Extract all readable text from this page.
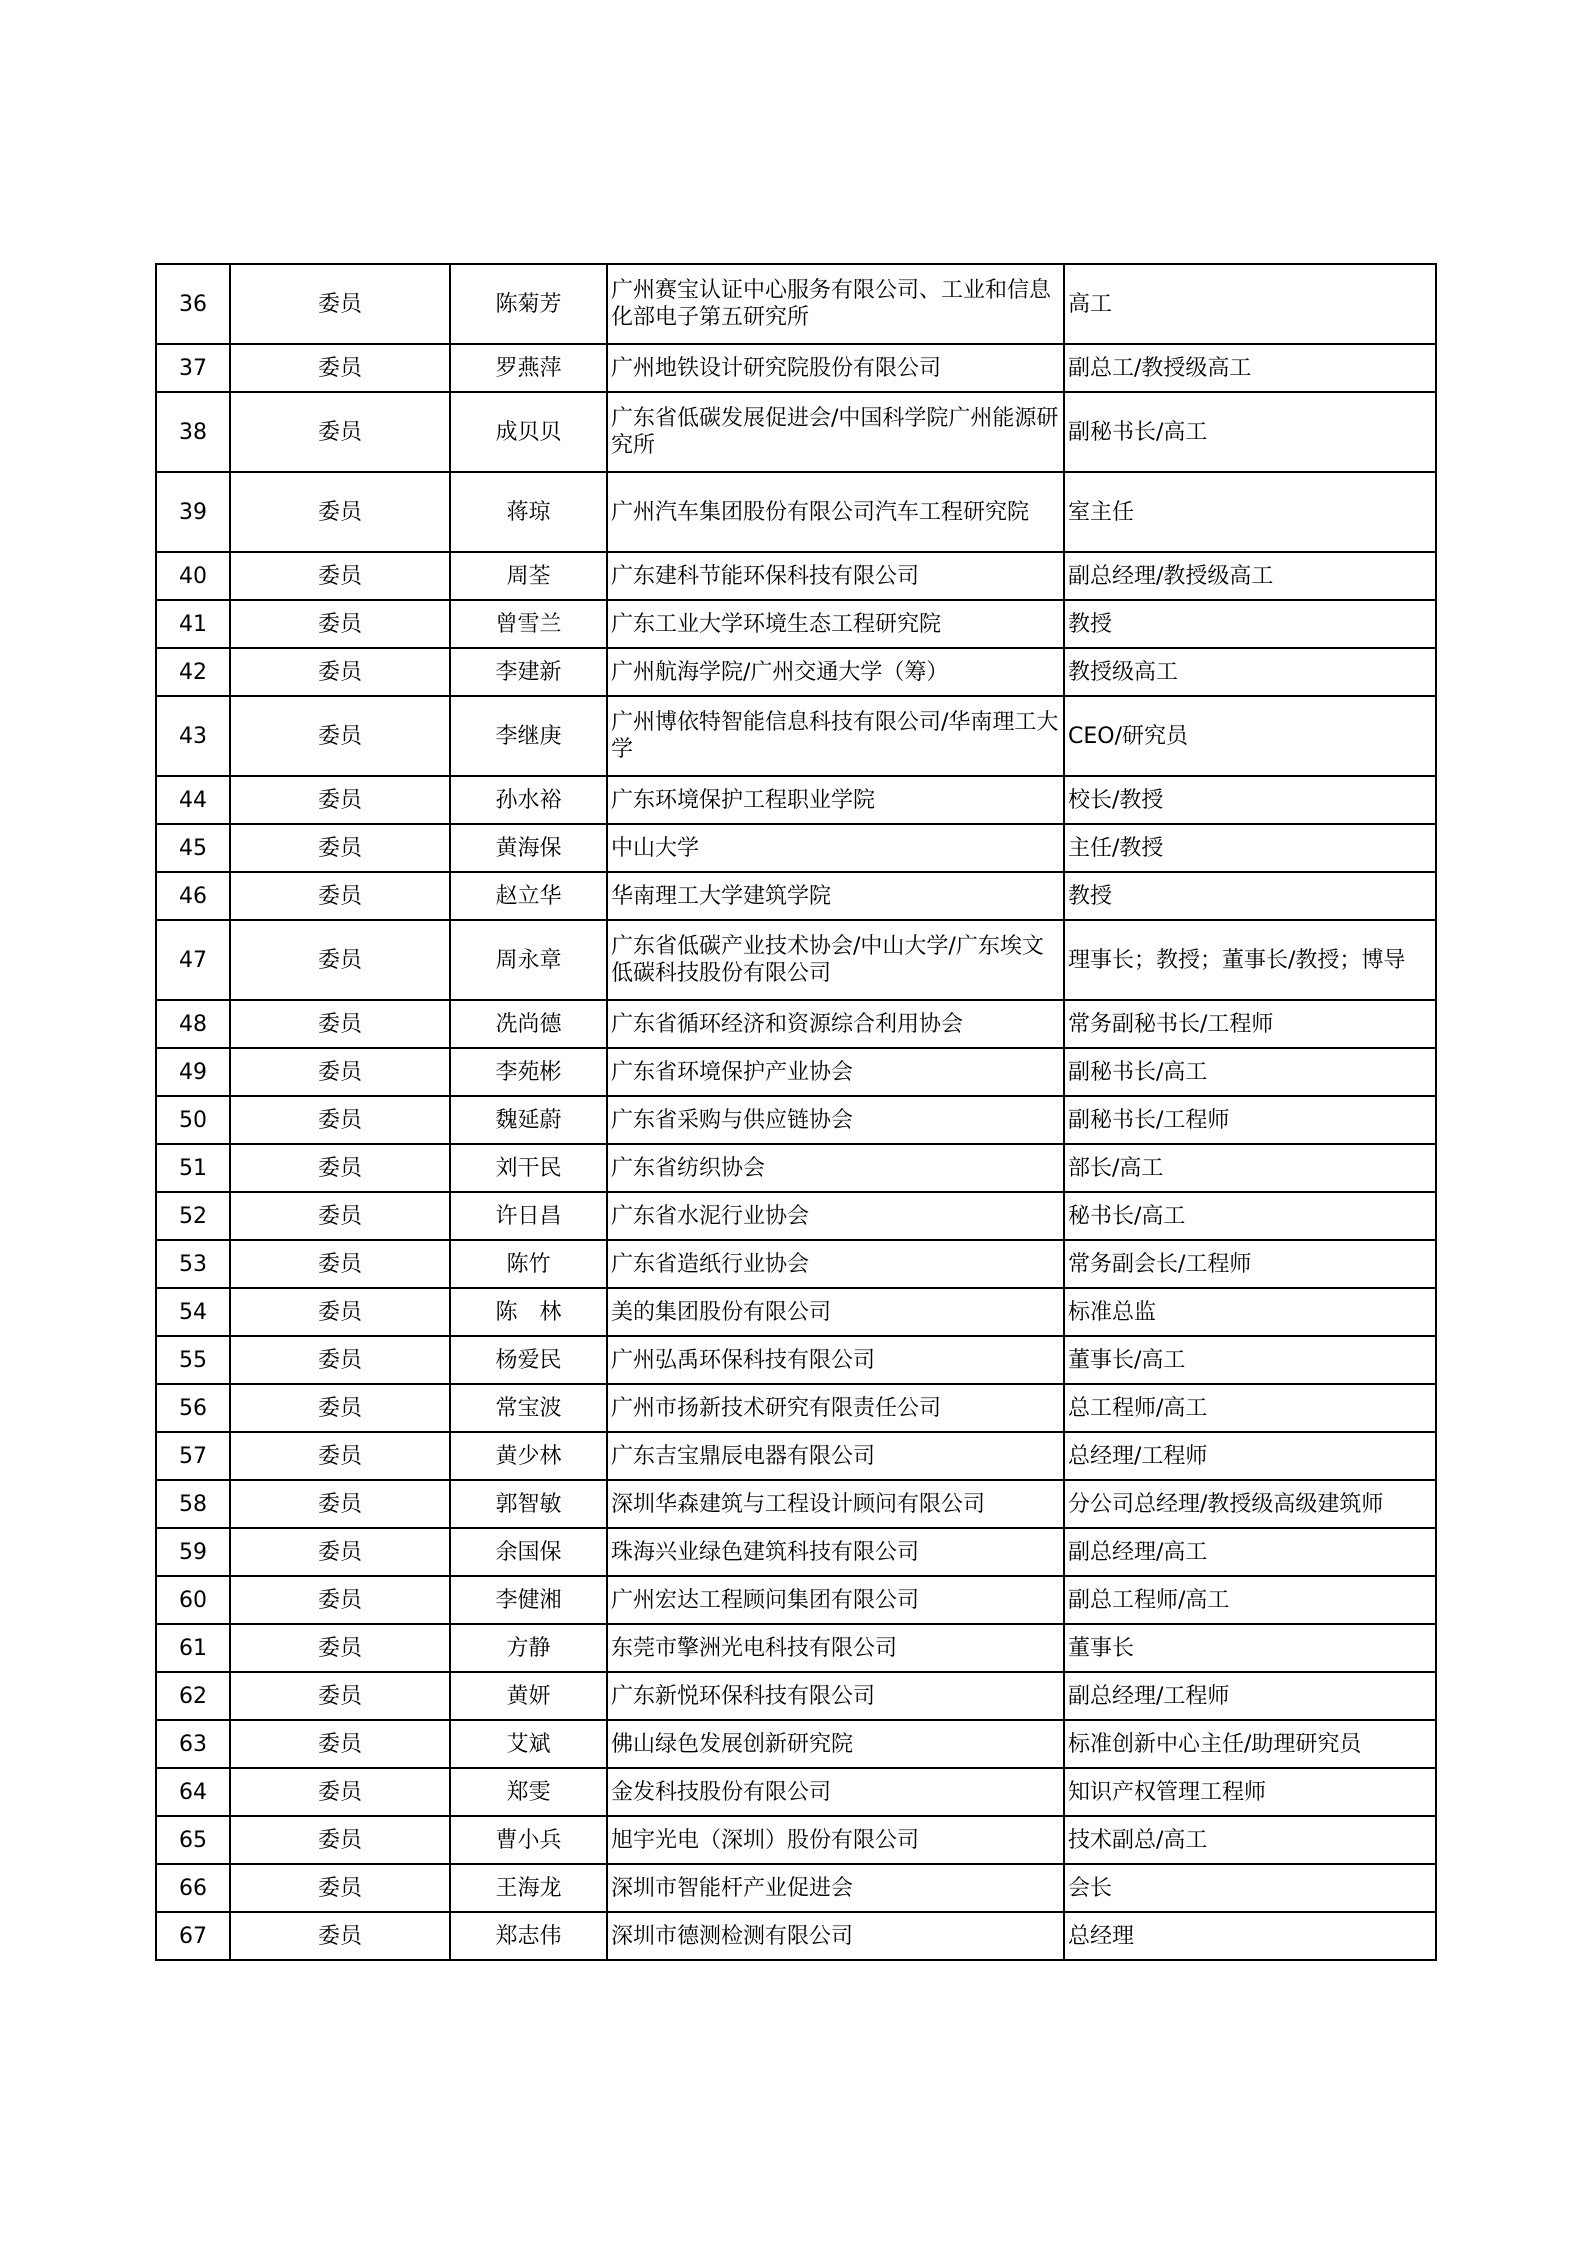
36	委员	陈菊芳	广州赛宝认证中心服务有限公司、工业和信息化部电子第五研究所	高工
37	委员	罗燕萍	广州地铁设计研究院股份有限公司	副总工/教授级高工
38	委员	成贝贝	广东省低碳发展促进会/中国科学院广州能源研究所	副秘书长/高工
39	委员	蒋琼	广州汽车集团股份有限公司汽车工程研究院	室主任
40	委员	周荃	广东建科节能环保科技有限公司	副总经理/教授级高工
41	委员	曾雪兰	广东工业大学环境生态工程研究院	教授
42	委员	李建新	广州航海学院/广州交通大学（筹）	教授级高工
43	委员	李继庚	广州博依特智能信息科技有限公司/华南理工大学	CEO/研究员
44	委员	孙水裕	广东环境保护工程职业学院	校长/教授
45	委员	黄海保	中山大学	主任/教授
46	委员	赵立华	华南理工大学建筑学院	教授
47	委员	周永章	广东省低碳产业技术协会/中山大学/广东埃文低碳科技股份有限公司	理事长；教授；董事长/教授；博导
48	委员	冼尚德	广东省循环经济和资源综合利用协会	常务副秘书长/工程师
49	委员	李苑彬	广东省环境保护产业协会	副秘书长/高工
50	委员	魏延蔚	广东省采购与供应链协会	副秘书长/工程师
51	委员	刘干民	广东省纺织协会	部长/高工
52	委员	许日昌	广东省水泥行业协会	秘书长/高工
53	委员	陈竹	广东省造纸行业协会	常务副会长/工程师
54	委员	陈　林	美的集团股份有限公司	标准总监
55	委员	杨爱民	广州弘禹环保科技有限公司	董事长/高工
56	委员	常宝波	广州市扬新技术研究有限责任公司	总工程师/高工
57	委员	黄少林	广东吉宝鼎辰电器有限公司	总经理/工程师
58	委员	郭智敏	深圳华森建筑与工程设计顾问有限公司	分公司总经理/教授级高级建筑师
59	委员	余国保	珠海兴业绿色建筑科技有限公司	副总经理/高工
60	委员	李健湘	广州宏达工程顾问集团有限公司	副总工程师/高工
61	委员	方静	东莞市擎洲光电科技有限公司	董事长
62	委员	黄妍	广东新悦环保科技有限公司	副总经理/工程师
63	委员	艾斌	佛山绿色发展创新研究院	标准创新中心主任/助理研究员
64	委员	郑雯	金发科技股份有限公司	知识产权管理工程师
65	委员	曹小兵	旭宇光电（深圳）股份有限公司	技术副总/高工
66	委员	王海龙	深圳市智能杆产业促进会	会长
67	委员	郑志伟	深圳市德测检测有限公司	总经理
